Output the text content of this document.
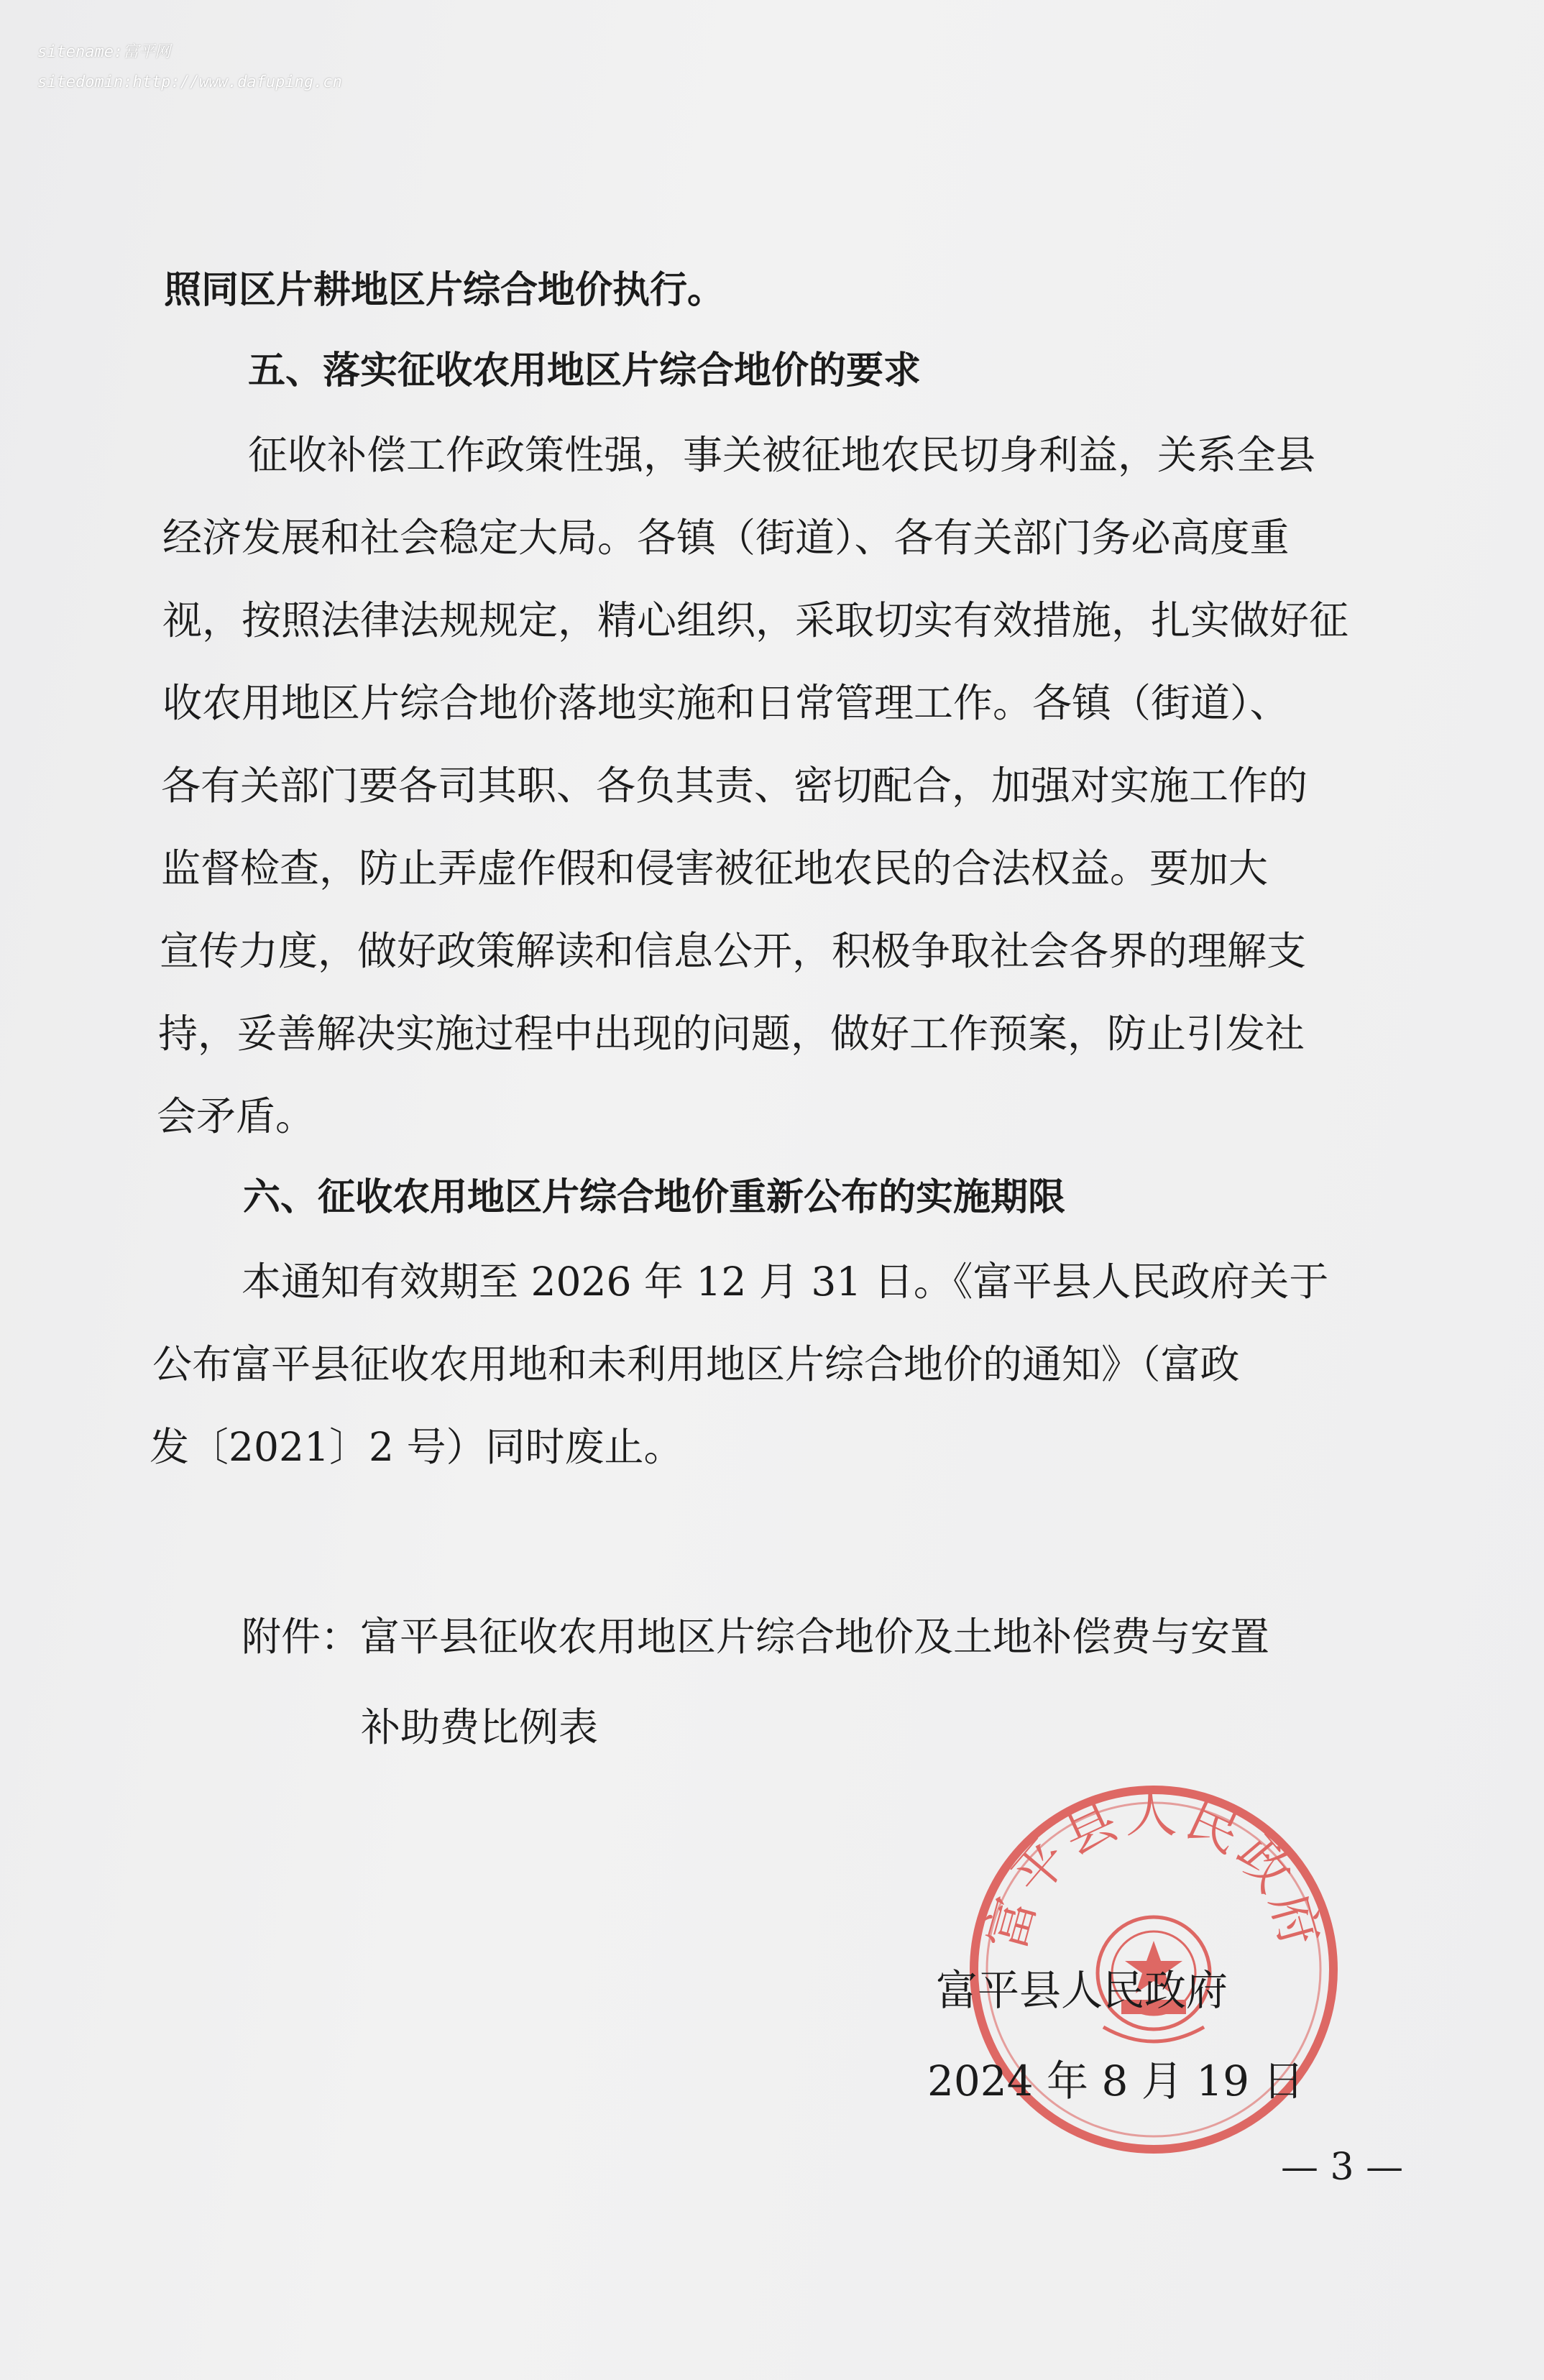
sitename:富平网
sitedomin:http://www.dafuping.cn
照同区片耕地区片综合地价执行。
五、落实征收农用地区片综合地价的要求
征收补偿工作政策性强，事关被征地农民切身利益，关系全县
经济发展和社会稳定大局。各镇（街道）、各有关部门务必高度重
视，按照法律法规规定，精心组织，采取切实有效措施，扎实做好征
收农用地区片综合地价落地实施和日常管理工作。各镇（街道）、
各有关部门要各司其职、各负其责、密切配合，加强对实施工作的
监督检查，防止弄虚作假和侵害被征地农民的合法权益。要加大
宣传力度，做好政策解读和信息公开，积极争取社会各界的理解支
持，妥善解决实施过程中出现的问题，做好工作预案，防止引发社
会矛盾。
六、征收农用地区片综合地价重新公布的实施期限
本通知有效期至 2026 年 12 月 31 日。《富平县人民政府关于
公布富平县征收农用地和未利用地区片综合地价的通知》（富政
发〔2021〕2 号）同时废止。
附件：富平县征收农用地区片综合地价及土地补偿费与安置
补助费比例表
富平县人民政府
富平县人民政府
2024 年 8 月 19 日
— 3 —
